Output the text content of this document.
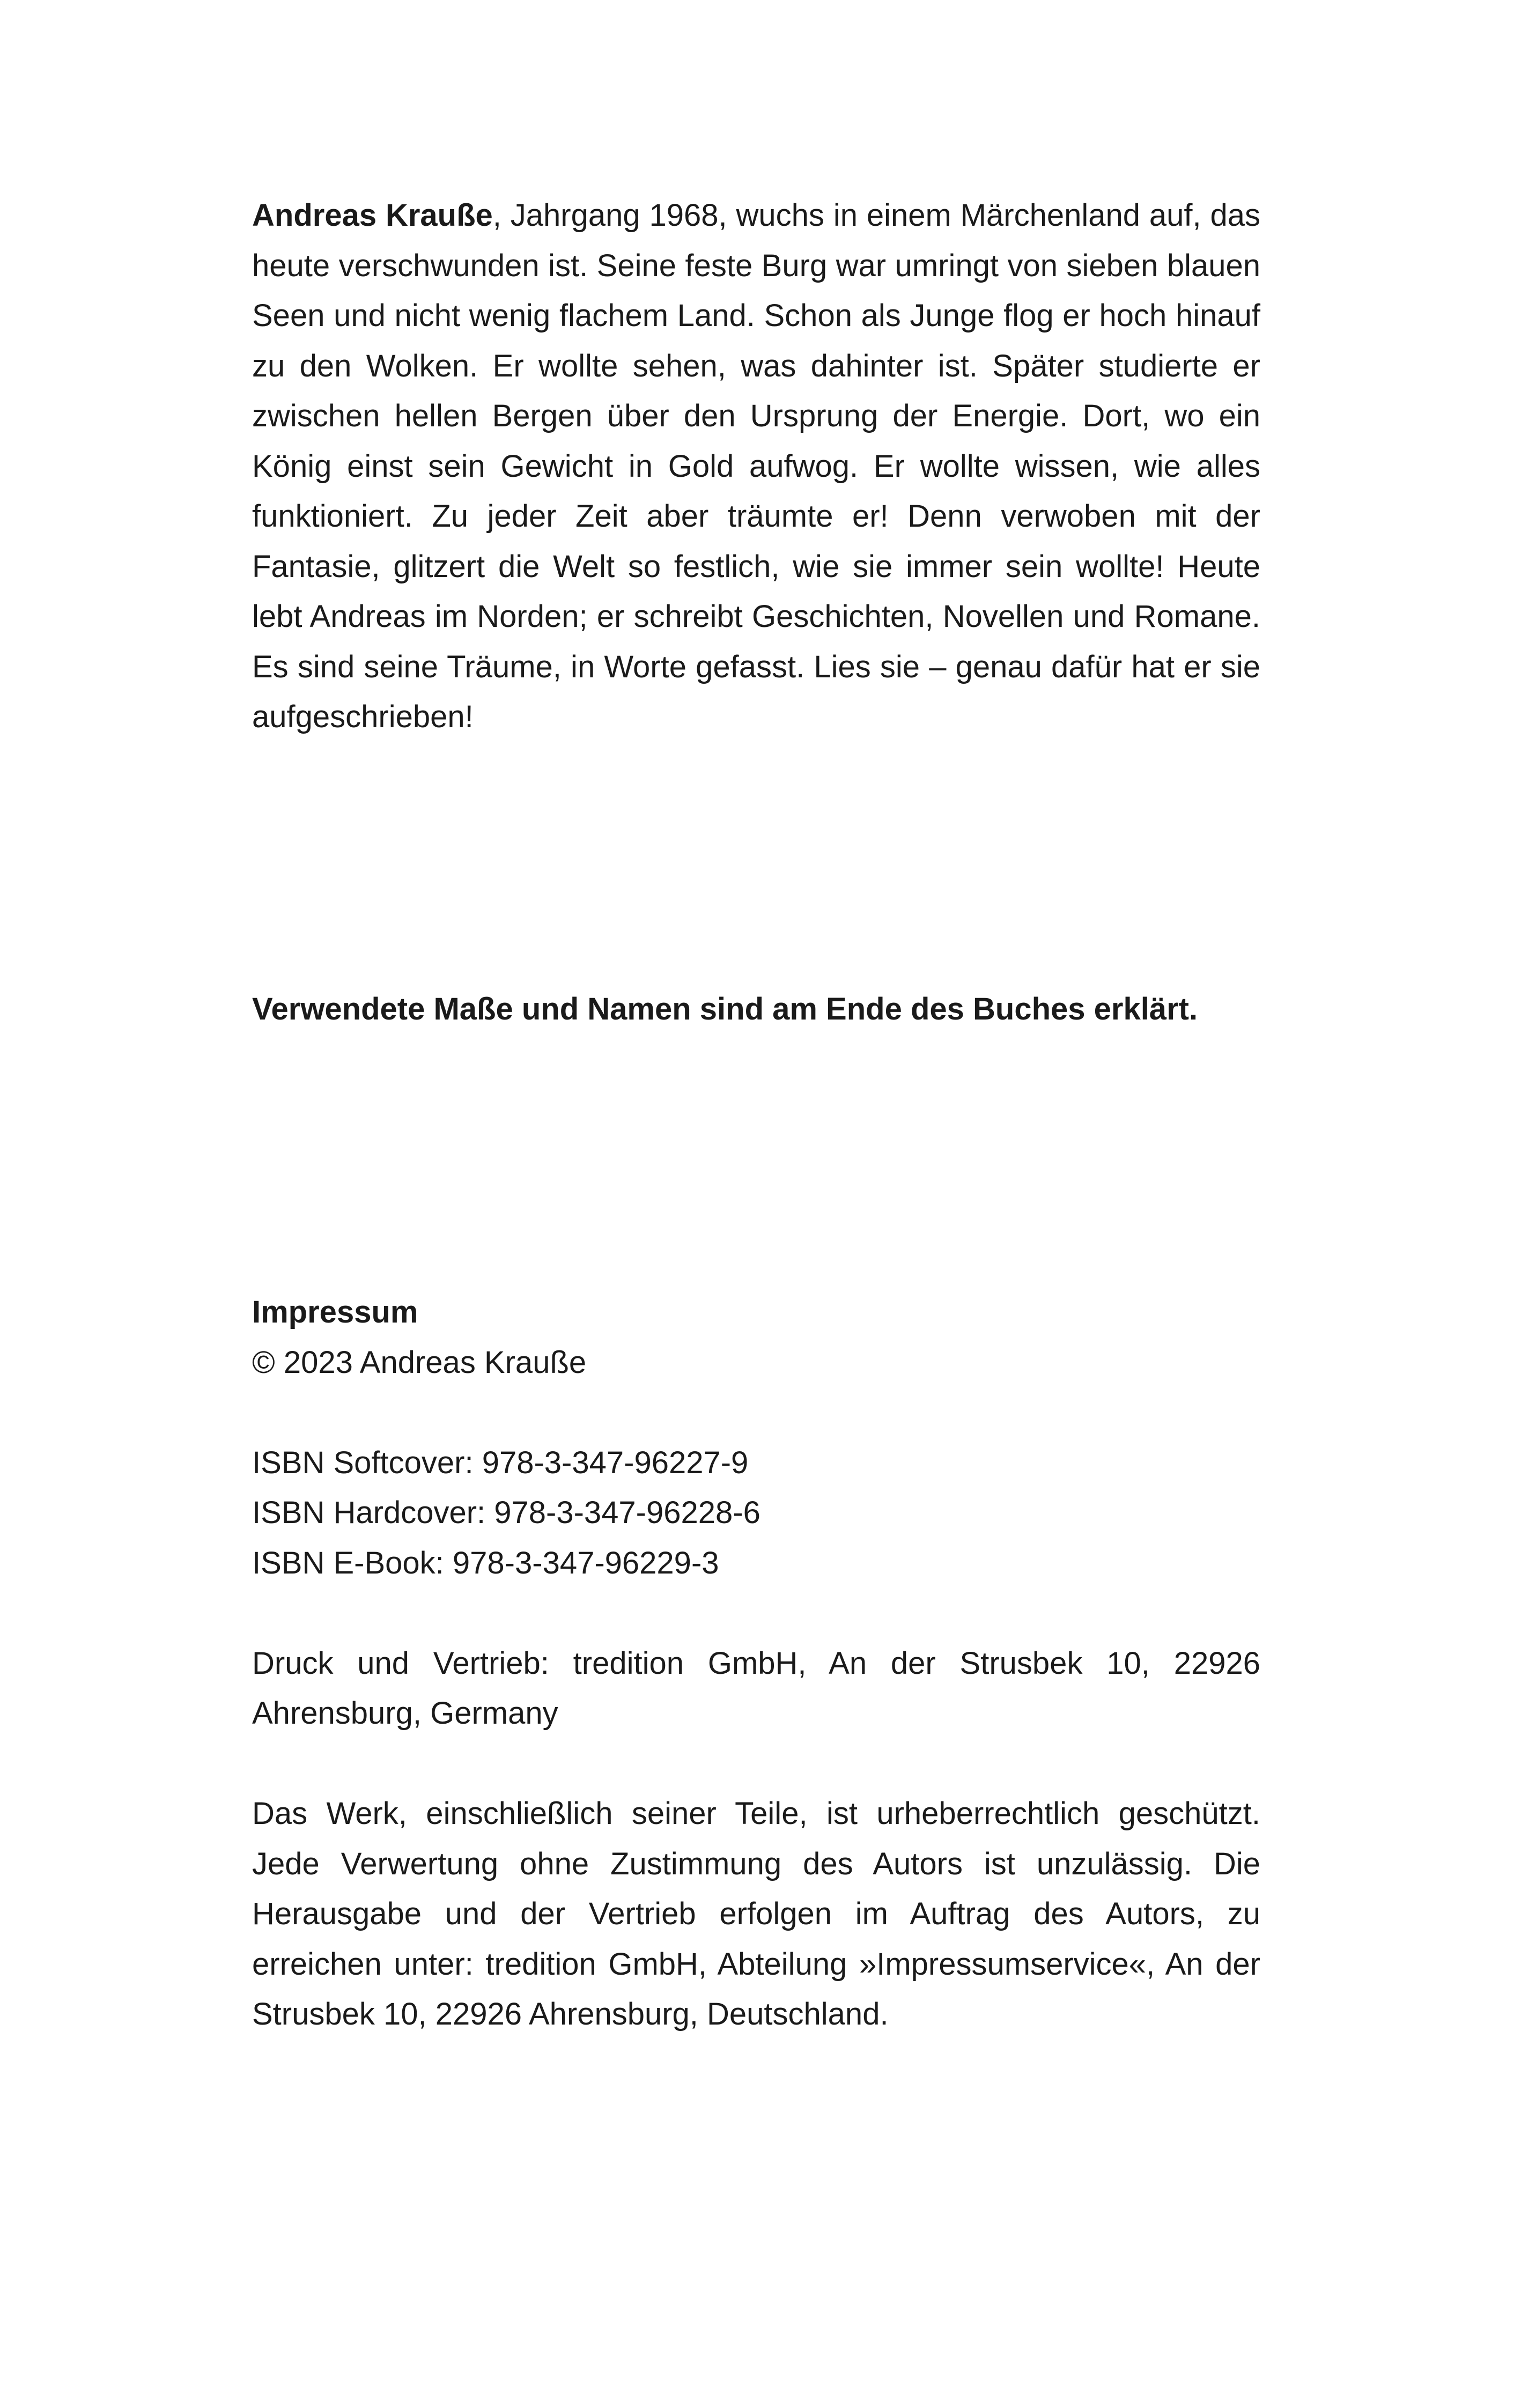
Andreas Krauße, Jahrgang 1968, wuchs in einem Märchenland auf, das heute verschwunden ist. Seine feste Burg war umringt von sieben blauen Seen und nicht wenig flachem Land. Schon als Junge flog er hoch hinauf zu den Wolken. Er wollte sehen, was dahinter ist. Später studierte er zwischen hellen Bergen über den Ursprung der Energie. Dort, wo ein König einst sein Gewicht in Gold aufwog. Er wollte wissen, wie alles funktioniert. Zu jeder Zeit aber träumte er! Denn verwoben mit der Fantasie, glitzert die Welt so festlich, wie sie immer sein wollte! Heute lebt Andreas im Norden; er schreibt Geschichten, Novellen und Romane. Es sind seine Träume, in Worte gefasst. Lies sie – genau dafür hat er sie aufgeschrieben!

Verwendete Maße und Namen sind am Ende des Buches erklärt.

Impressum

© 2023 Andreas Krauße

ISBN Softcover: 978-3-347-96227-9

ISBN Hardcover: 978-3-347-96228-6

ISBN E-Book: 978-3-347-96229-3

Druck und Vertrieb: tredition GmbH, An der Strusbek 10, 22926 Ahrensburg, Germany

Das Werk, einschließlich seiner Teile, ist urheberrechtlich geschützt. Jede Verwertung ohne Zustimmung des Autors ist unzulässig. Die Herausgabe und der Vertrieb erfolgen im Auftrag des Autors, zu erreichen unter: tredition GmbH, Abteilung »Impressumservice«, An der Strusbek 10, 22926 Ahrensburg, Deutschland.
